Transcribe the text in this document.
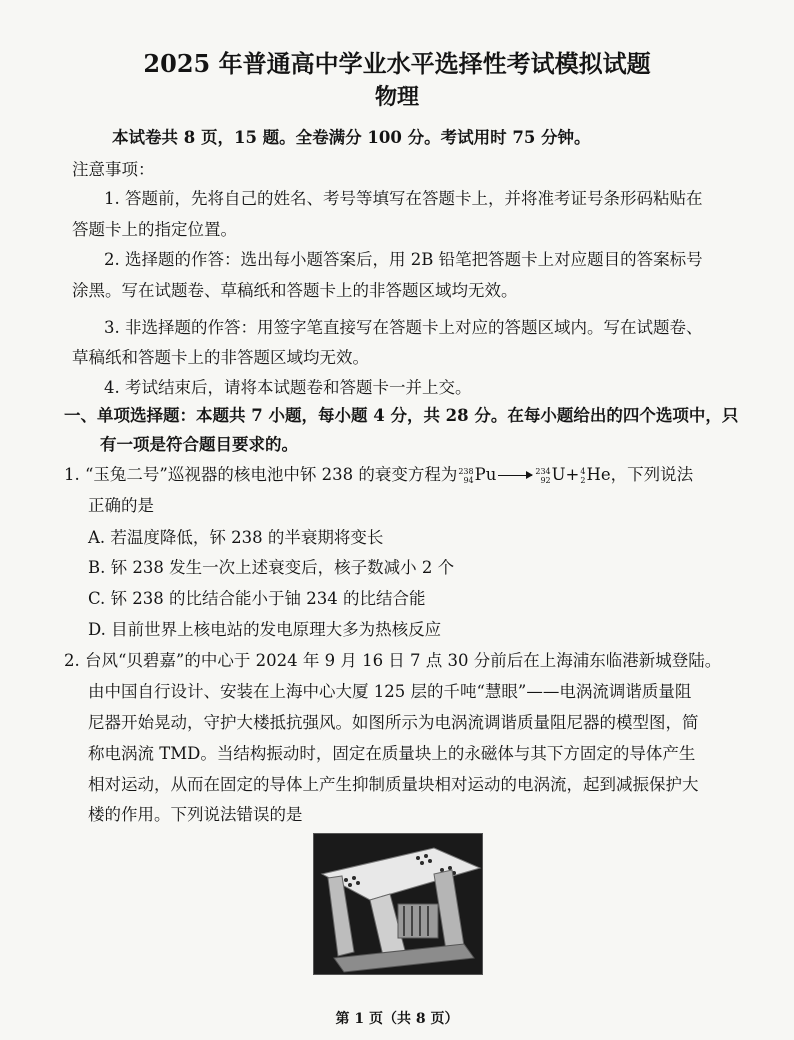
2025 年普通高中学业水平选择性考试模拟试题
物理
本试卷共 8 页，15 题。全卷满分 100 分。考试用时 75 分钟。
注意事项：
1. 答题前，先将自己的姓名、考号等填写在答题卡上，并将准考证号条形码粘贴在
答题卡上的指定位置。
2. 选择题的作答：选出每小题答案后，用 2B 铅笔把答题卡上对应题目的答案标号
涂黑。写在试题卷、草稿纸和答题卡上的非答题区域均无效。
3. 非选择题的作答：用签字笔直接写在答题卡上对应的答题区域内。写在试题卷、
草稿纸和答题卡上的非答题区域均无效。
4. 考试结束后，请将本试题卷和答题卡一并上交。
一、单项选择题：本题共 7 小题，每小题 4 分，共 28 分。在每小题给出的四个选项中，只
有一项是符合题目要求的。
1. “玉兔二号”巡视器的核电池中钚 238 的衰变方程为 238
94 Pu → 234
92 U+ 4
2 He，下列说法
正确的是
A. 若温度降低，钚 238 的半衰期将变长
B. 钚 238 发生一次上述衰变后，核子数减小 2 个
C. 钚 238 的比结合能小于铀 234 的比结合能
D. 目前世界上核电站的发电原理大多为热核反应
2. 台风“贝碧嘉”的中心于 2024 年 9 月 16 日 7 点 30 分前后在上海浦东临港新城登陆。
由中国自行设计、安装在上海中心大厦 125 层的千吨“慧眼”——电涡流调谐质量阻
尼器开始晃动，守护大楼抵抗强风。如图所示为电涡流调谐质量阻尼器的模型图，简
称电涡流 TMD。当结构振动时，固定在质量块上的永磁体与其下方固定的导体产生
相对运动，从而在固定的导体上产生抑制质量块相对运动的电涡流，起到减振保护大
楼的作用。下列说法错误的是
第 1 页（共 8 页）
